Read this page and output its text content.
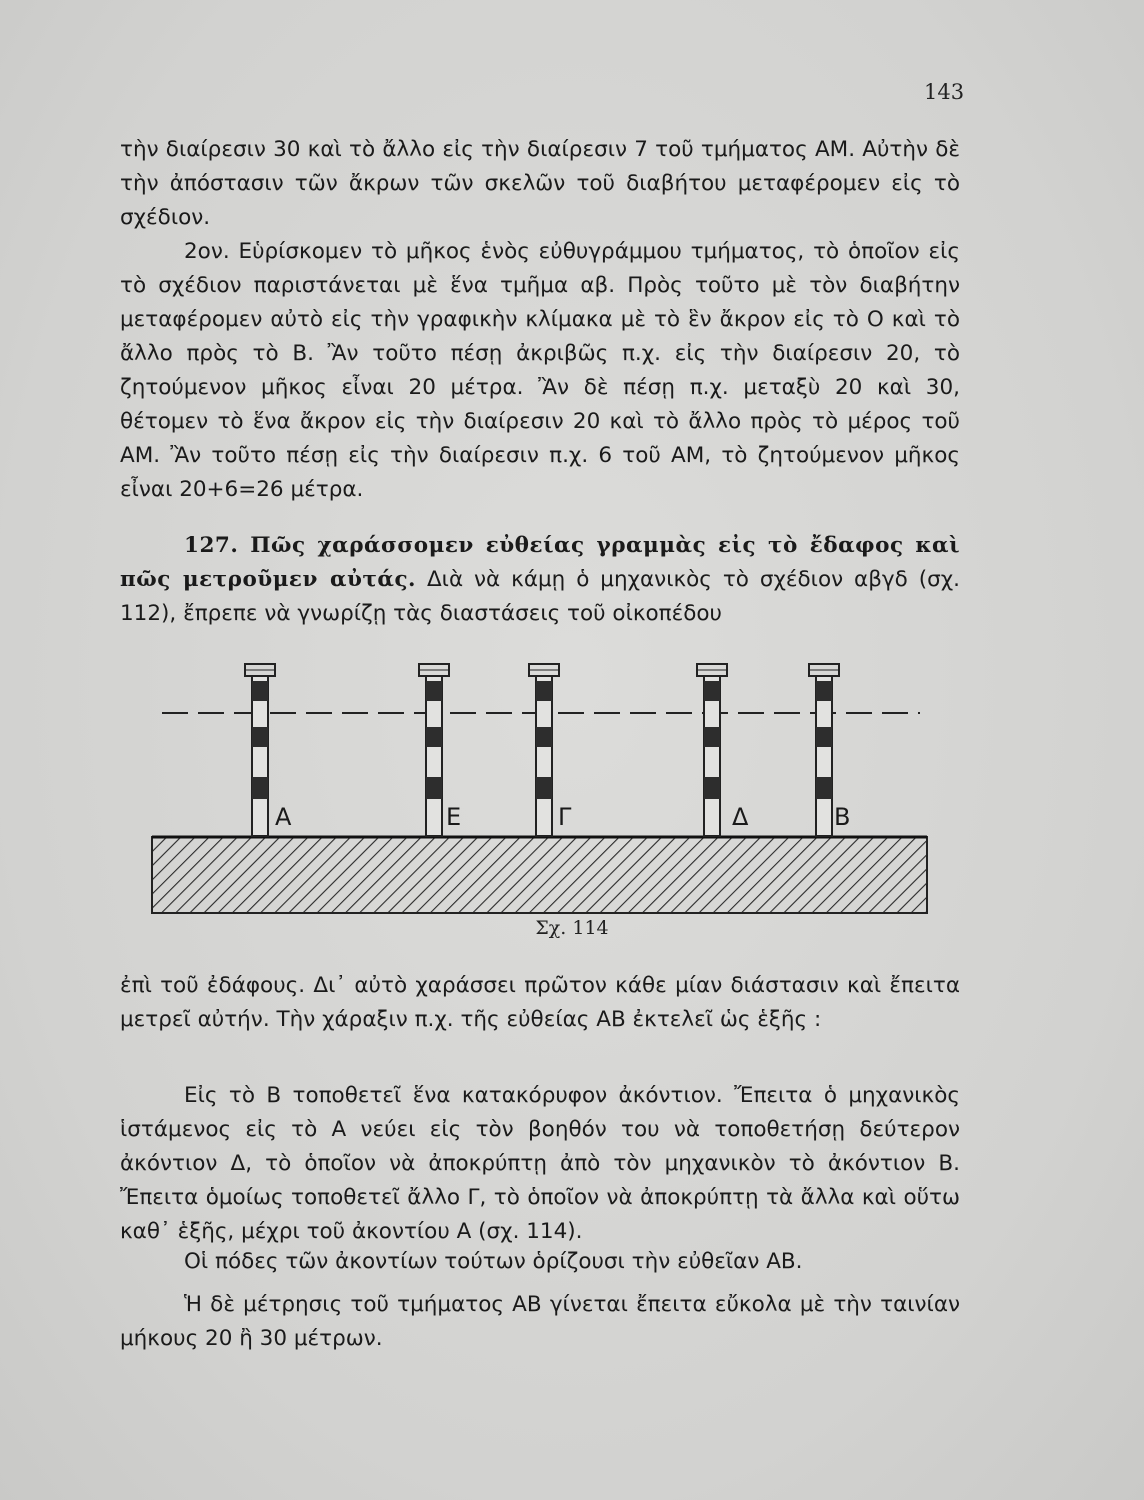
143
τὴν διαίρεσιν 30 καὶ τὸ ἄλλο εἰς τὴν διαίρεσιν 7 τοῦ τμήματος ΑΜ. Αὐτὴν δὲ τὴν ἀπόστασιν τῶν ἄκρων τῶν σκελῶν τοῦ διαβήτου μεταφέρομεν εἰς τὸ σχέδιον.
2ον. Εὑρίσκομεν τὸ μῆκος ἑνὸς εὐθυγράμμου τμήματος, τὸ ὁποῖον εἰς τὸ σχέδιον παριστάνεται μὲ ἕνα τμῆμα αβ. Πρὸς τοῦτο μὲ τὸν διαβήτην μεταφέρομεν αὐτὸ εἰς τὴν γραφικὴν κλίμακα μὲ τὸ ἓν ἄκρον εἰς τὸ Ο καὶ τὸ ἄλλο πρὸς τὸ Β. Ἂν τοῦτο πέσῃ ἀκριβῶς π.χ. εἰς τὴν διαίρεσιν 20, τὸ ζητούμενον μῆκος εἶναι 20 μέτρα. Ἂν δὲ πέσῃ π.χ. μεταξὺ 20 καὶ 30, θέτομεν τὸ ἕνα ἄκρον εἰς τὴν διαίρεσιν 20 καὶ τὸ ἄλλο πρὸς τὸ μέρος τοῦ ΑΜ. Ἂν τοῦτο πέσῃ εἰς τὴν διαίρεσιν π.χ. 6 τοῦ ΑΜ, τὸ ζητούμενον μῆκος εἶναι 20+6=26 μέτρα.
127. Πῶς χαράσσομεν εὐθείας γραμμὰς εἰς τὸ ἔδαφος καὶ πῶς μετροῦμεν αὐτάς. Διὰ νὰ κάμῃ ὁ μηχανικὸς τὸ σχέδιον αβγδ (σχ. 112), ἔπρεπε νὰ γνωρίζῃ τὰς διαστάσεις τοῦ οἰκοπέδου
Α	Ε	Γ	Δ	Β
Σχ. 114
ἐπὶ τοῦ ἐδάφους. Δι᾽ αὐτὸ χαράσσει πρῶτον κάθε μίαν διάστασιν καὶ ἔπειτα μετρεῖ αὐτήν. Τὴν χάραξιν π.χ. τῆς εὐθείας ΑΒ ἐκτελεῖ ὡς ἑξῆς :
Εἰς τὸ Β τοποθετεῖ ἕνα κατακόρυφον ἀκόντιον. Ἔπειτα ὁ μηχανικὸς ἱστάμενος εἰς τὸ Α νεύει εἰς τὸν βοηθόν του νὰ τοποθετήσῃ δεύτερον ἀκόντιον Δ, τὸ ὁποῖον νὰ ἀποκρύπτῃ ἀπὸ τὸν μηχανικὸν τὸ ἀκόντιον Β. Ἔπειτα ὁμοίως τοποθετεῖ ἄλλο Γ, τὸ ὁποῖον νὰ ἀποκρύπτῃ τὰ ἄλλα καὶ οὕτω καθ᾽ ἑξῆς, μέχρι τοῦ ἀκοντίου Α (σχ. 114).
Οἱ πόδες τῶν ἀκοντίων τούτων ὁρίζουσι τὴν εὐθεῖαν ΑΒ.
Ἡ δὲ μέτρησις τοῦ τμήματος ΑΒ γίνεται ἔπειτα εὔκολα μὲ τὴν ταινίαν μήκους 20 ἢ 30 μέτρων.
